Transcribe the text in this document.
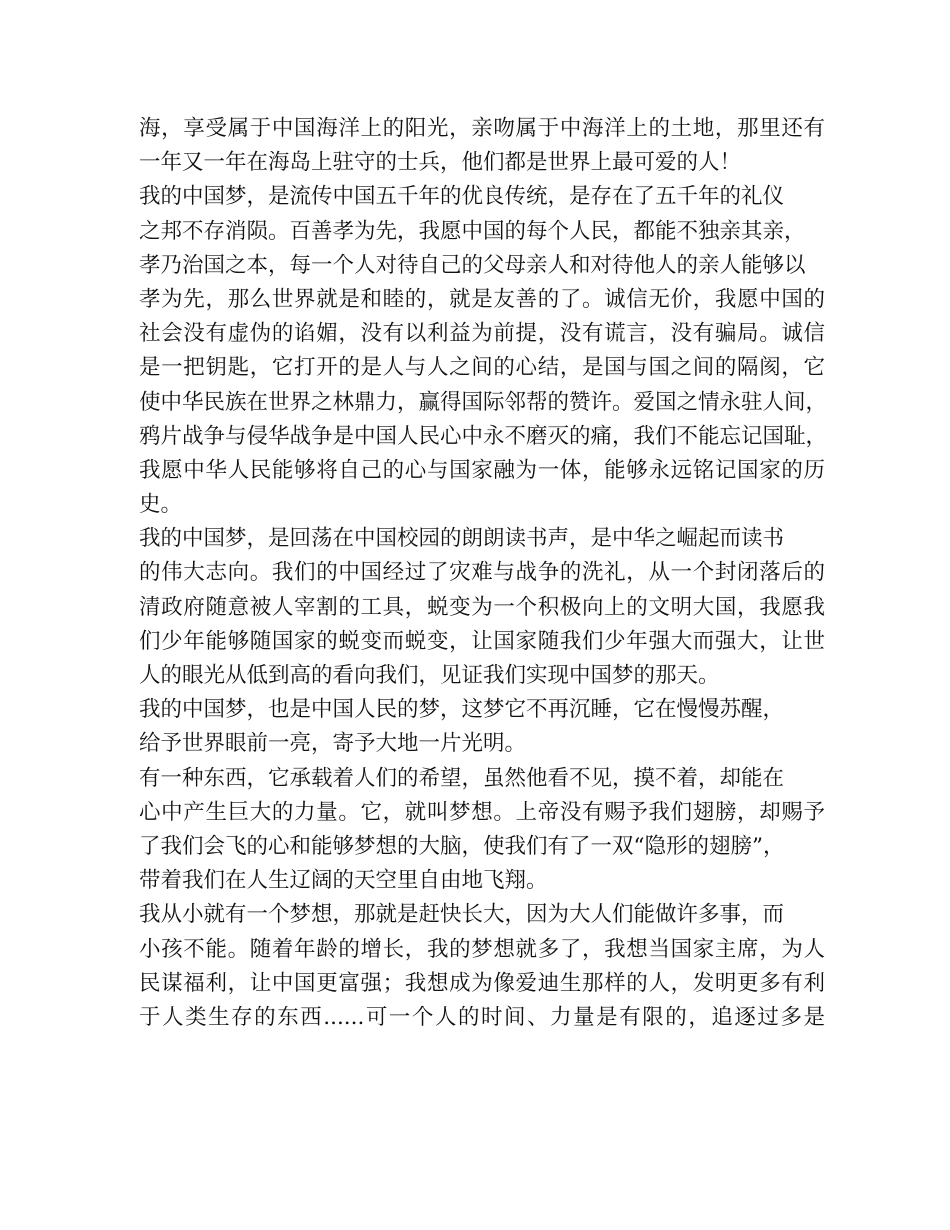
海，享受属于中国海洋上的阳光，亲吻属于中海洋上的土地，那里还有
一年又一年在海岛上驻守的士兵，他们都是世界上最可爱的人！
我的中国梦，是流传中国五千年的优良传统，是存在了五千年的礼仪
之邦不存消陨。百善孝为先，我愿中国的每个人民，都能不独亲其亲，
孝乃治国之本，每一个人对待自己的父母亲人和对待他人的亲人能够以
孝为先，那么世界就是和睦的，就是友善的了。诚信无价，我愿中国的
社会没有虚伪的谄媚，没有以利益为前提，没有谎言，没有骗局。诚信
是一把钥匙，它打开的是人与人之间的心结，是国与国之间的隔阂，它
使中华民族在世界之林鼎力，赢得国际邻帮的赞许。爱国之情永驻人间，
鸦片战争与侵华战争是中国人民心中永不磨灭的痛，我们不能忘记国耻，
我愿中华人民能够将自己的心与国家融为一体，能够永远铭记国家的历
史。
我的中国梦，是回荡在中国校园的朗朗读书声，是中华之崛起而读书
的伟大志向。我们的中国经过了灾难与战争的洗礼，从一个封闭落后的
清政府随意被人宰割的工具，蜕变为一个积极向上的文明大国，我愿我
们少年能够随国家的蜕变而蜕变，让国家随我们少年强大而强大，让世
人的眼光从低到高的看向我们，见证我们实现中国梦的那天。
我的中国梦，也是中国人民的梦，这梦它不再沉睡，它在慢慢苏醒，
给予世界眼前一亮，寄予大地一片光明。
有一种东西，它承载着人们的希望，虽然他看不见，摸不着，却能在
心中产生巨大的力量。它，就叫梦想。上帝没有赐予我们翅膀，却赐予
了我们会飞的心和能够梦想的大脑，使我们有了一双“隐形的翅膀”，
带着我们在人生辽阔的天空里自由地飞翔。
我从小就有一个梦想，那就是赶快长大，因为大人们能做许多事，而
小孩不能。随着年龄的增长，我的梦想就多了，我想当国家主席，为人
民谋福利，让中国更富强；我想成为像爱迪生那样的人，发明更多有利
于人类生存的东西......可一个人的时间、力量是有限的，追逐过多是
